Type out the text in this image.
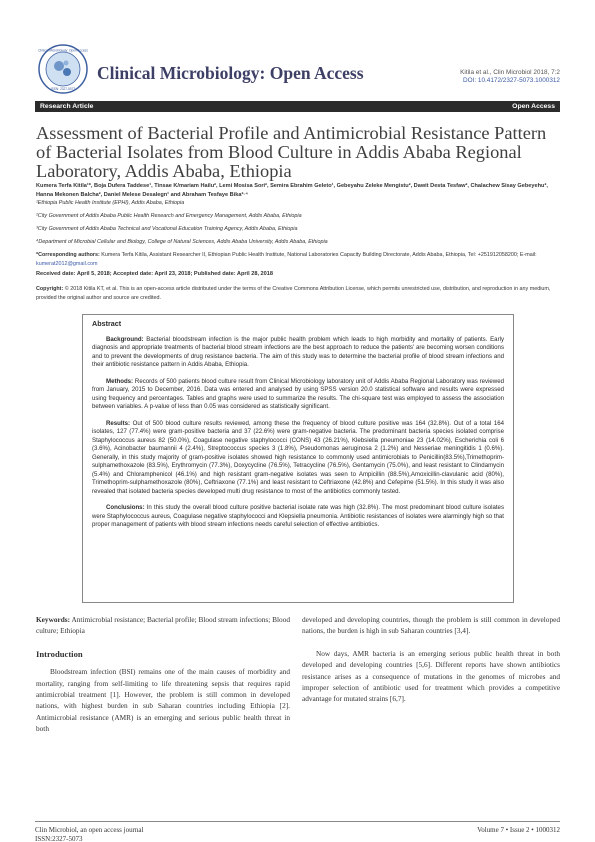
Clinical Microbiology: Open Access
ISSN: 2327-5073
Clinical Microbiology: Open Access	Kitila et al., Clin Microbiol 2018, 7:2
DOI: 10.4172/2327-5073.1000312
Research Article	Open Access
Assessment of Bacterial Profile and Antimicrobial Resistance Pattern of Bacterial Isolates from Blood Culture in Addis Ababa Regional Laboratory, Addis Ababa, Ethiopia
Kumera Terfa Kitila¹*, Boja Dufera Taddese¹, Tinsae K/mariam Hailu², Lemi Mosisa Sori², Semira Ebrahim Geleto¹, Gebeyahu Zeleke Mengistu², Dawit Desta Tesfaw², Chalachew Sisay Gebeyehu², Hanna Mekonen Balcha², Daniel Melese Desalegn¹ and Abraham Tesfaye Bika²·⁴
¹Ethiopia Public Health Institute (EPHI), Addis Ababa, Ethiopia
²City Government of Addis Ababa Public Health Research and Emergency Management, Addis Ababa, Ethiopia
³City Government of Addis Ababa Technical and Vocational Education Training Agency, Addis Ababa, Ethiopia
⁴Department of Microbial Cellular and Biology, College of Natural Sciences, Addis Ababa University, Addis Ababa, Ethiopia
*Corresponding authors: Kumera Terfa Kitila, Assistant Researcher II, Ethiopian Public Health Institute, National Laboratories Capacity Building Directorate, Addis Ababa, Ethiopia, Tel: +251912058200; E-mail: kumerat2012@gmail.com
Received date: April 5, 2018; Accepted date: April 23, 2018; Published date: April 28, 2018
Copyright: © 2018 Kitila KT, et al. This is an open-access article distributed under the terms of the Creative Commons Attribution License, which permits unrestricted use, distribution, and reproduction in any medium, provided the original author and source are credited.
Abstract

Background: Bacterial bloodstream infection is the major public health problem which leads to high morbidity and mortality of patients. Early diagnosis and appropriate treatments of bacterial blood stream infections are the best approach to reduce the patients' are becoming worsen conditions and to prevent the developments of drug resistance bacteria. The aim of this study was to determine the bacterial profile of blood stream infections and their antibiotic resistance pattern in Addis Ababa, Ethiopia.

Methods: Records of 500 patients blood culture result from Clinical Microbiology laboratory unit of Addis Ababa Regional Laboratory was reviewed from January, 2015 to December, 2016. Data was entered and analysed by using SPSS version 20.0 statistical software and results were expressed using frequency and percentages. Tables and graphs were used to summarize the results. The chi-square test was employed to assess the association between variables. A p-value of less than 0.05 was considered as statistically significant.

Results: Out of 500 blood culture results reviewed, among these the frequency of blood culture positive was 164 (32.8%). Out of a total 164 isolates, 127 (77.4%) were gram-positive bacteria and 37 (22.6%) were gram-negative bacteria. The predominant bacteria species isolated comprise Staphylococcus aureus 82 (50.0%), Coagulase negative staphylococci (CONS) 43 (26.21%), Klebsiella pneumoniae 23 (14.02%), Escherichia coli 6 (3.6%), Acinobacter baumannii 4 (2.4%), Streptococcus species 3 (1.8%), Pseudomonas aeruginosa 2 (1.2%) and Nesseriae meningitidis 1 (0.6%). Generally, in this study majority of gram-positive isolates showed high resistance to commonly used antimicrobials to Penicillin(83.5%),Trimethoprim-sulphamethoxazole (83.5%), Erythromycin (77.3%), Doxycycline (76.5%), Tetracycline (76.5%), Gentamycin (75.0%), and least resistant to Clindamycin (5.4%) and Chloramphenicol (46.1%) and high resistant gram-negative isolates was seen to Ampicillin (88.5%),Amoxicillin-clavulanic acid (80%), Trimethoprim-sulphamethoxazole (80%), Ceftriaxone (77.1%) and least resistant to Ceftriaxone (42.8%) and Cefepime (51.5%). In this study it was also revealed that isolated bacteria species developed multi drug resistance to most of the antibiotics commonly tested.

Conclusions: In this study the overall blood culture positive bacterial isolate rate was high (32.8%). The most predominant blood culture isolates were Staphylococcus aureus, Coagulase negative staphylococci and Klepsiella pneumonia. Antibiotic resistances of isolates were alarmingly high so that proper management of patients with blood stream infections needs careful selection of effective antibiotics.

Keywords: Antimicrobial resistance; Bacterial profile; Blood stream infections; Blood culture; Ethiopia

Introduction

Bloodstream infection (BSI) remains one of the main causes of morbidity and mortality, ranging from self-limiting to life threatening sepsis that requires rapid antimicrobial treatment [1]. However, the problem is still common in developed nations, with highest burden in sub Saharan countries including Ethiopia [2]. Antimicrobial resistance (AMR) is an emerging and serious public health threat in both

developed and developing countries, though the problem is still common in developed nations, the burden is high in sub Saharan countries [3,4].

Now days, AMR bacteria is an emerging serious public health threat in both developed and developing countries [5,6]. Different reports have shown antibiotics resistance arises as a consequence of mutations in the genomes of microbes and improper selection of antibiotic used for treatment which provides a competitive advantage for mutated strains [6,7].

Clin Microbiol, an open access journal
ISSN:2327-5073
Volume 7 • Issue 2 • 1000312
